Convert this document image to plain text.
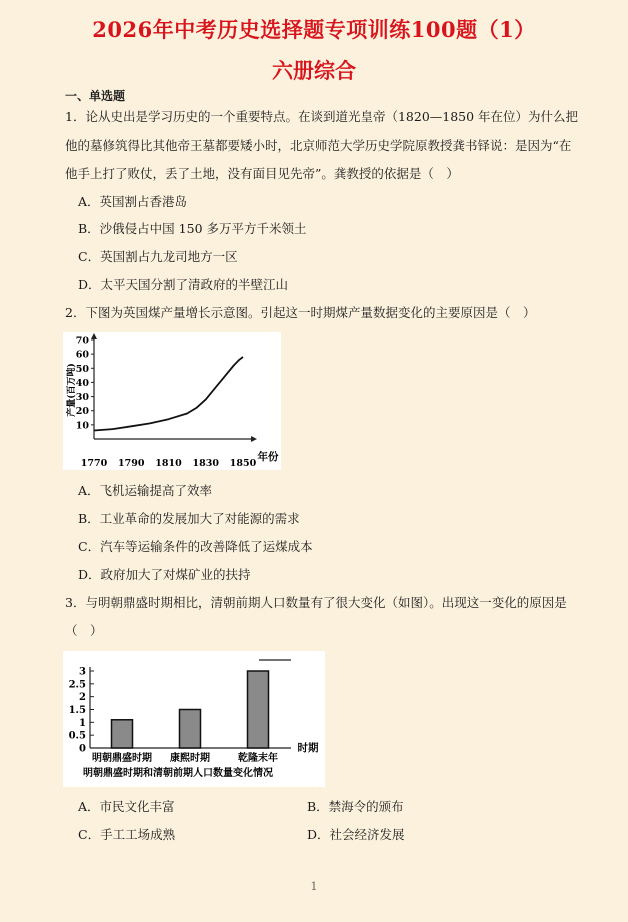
2026年中考历史选择题专项训练100题（1）
六册综合
一、单选题
1．论从史出是学习历史的一个重要特点。在谈到道光皇帝（1820—1850 年在位）为什么把
他的墓修筑得比其他帝王墓都要矮小时，北京师范大学历史学院原教授龚书铎说：是因为“在
他手上打了败仗，丢了土地，没有面目见先帝”。龚教授的依据是（　）
A．英国割占香港岛
B．沙俄侵占中国 150 多万平方千米领土
C．英国割占九龙司地方一区
D．太平天国分割了清政府的半壁江山
2．下图为英国煤产量增长示意图。引起这一时期煤产量数据变化的主要原因是（　）
10
20
30
40
50
60
70
1770 1790 1810 1830 1850
年份
产量(百万吨)
A．飞机运输提高了效率
B．工业革命的发展加大了对能源的需求
C．汽车等运输条件的改善降低了运煤成本
D．政府加大了对煤矿业的扶持
3．与明朝鼎盛时期相比，清朝前期人口数量有了很大变化（如图）。出现这一变化的原因是
（　）
0
0.5
1
1.5
2
2.5
3
明朝鼎盛时期 康熙时期	乾隆末年
时期
明朝鼎盛时期和清朝前期人口数量变化情况
A．市民文化丰富	B．禁海令的颁布
C．手工工场成熟	D．社会经济发展
1
